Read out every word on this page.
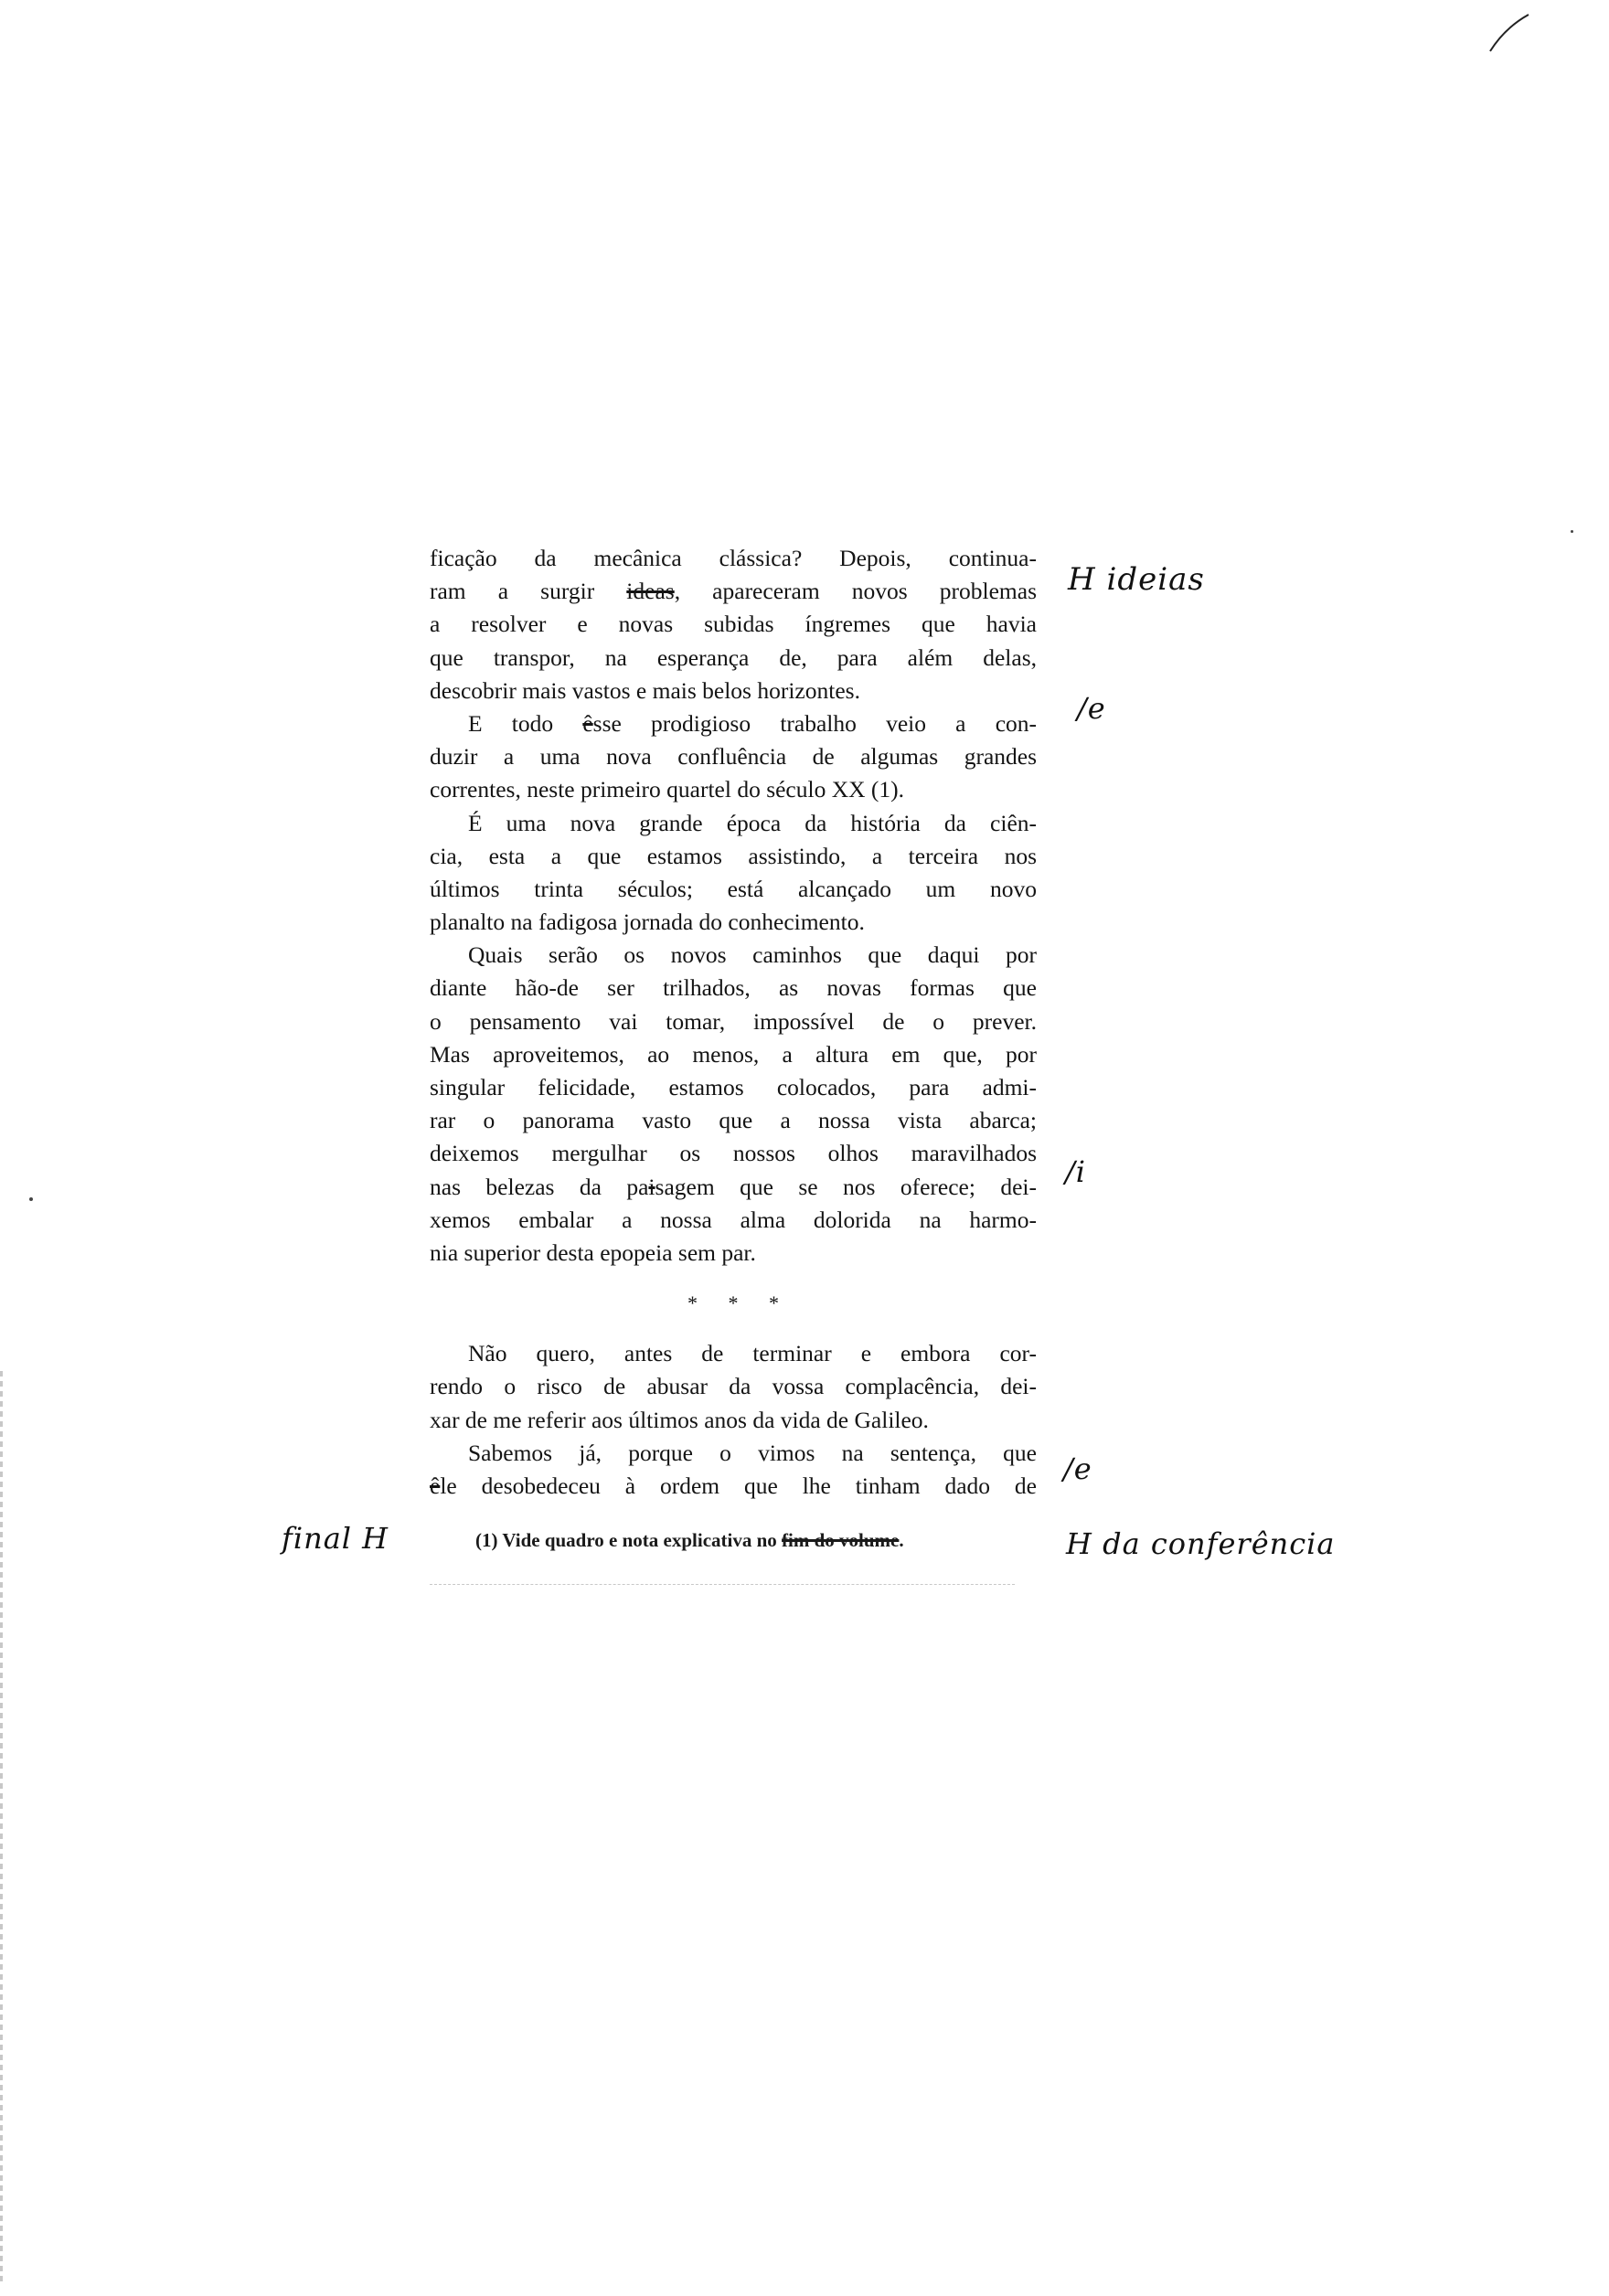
ficação da mecânica clássica? Depois, continua-
ram a surgir ideas, apareceram novos problemas
a resolver e novas subidas íngremes que havia
que transpor, na esperança de, para além delas,
descobrir mais vastos e mais belos horizontes.
E todo êsse prodigioso trabalho veio a con-
duzir a uma nova confluência de algumas grandes
correntes, neste primeiro quartel do século XX (1).
É uma nova grande época da história da ciên-
cia, esta a que estamos assistindo, a terceira nos
últimos trinta séculos; está alcançado um novo
planalto na fadigosa jornada do conhecimento.
Quais serão os novos caminhos que daqui por
diante hão-de ser trilhados, as novas formas que
o pensamento vai tomar, impossível de o prever.
Mas aproveitemos, ao menos, a altura em que, por
singular felicidade, estamos colocados, para admi-
rar o panorama vasto que a nossa vista abarca;
deixemos mergulhar os nossos olhos maravilhados
nas belezas da paisagem que se nos oferece; dei-
xemos embalar a nossa alma dolorida na harmo-
nia superior desta epopeia sem par.
* * *
Não quero, antes de terminar e embora cor-
rendo o risco de abusar da vossa complacência, dei-
xar de me referir aos últimos anos da vida de Galileo.
Sabemos já, porque o vimos na sentença, que
êle desobedeceu à ordem que lhe tinham dado de
(1) Vide quadro e nota explicativa no fim do volume.
H ideias
/e
/i
/e
final H	H da conferência
